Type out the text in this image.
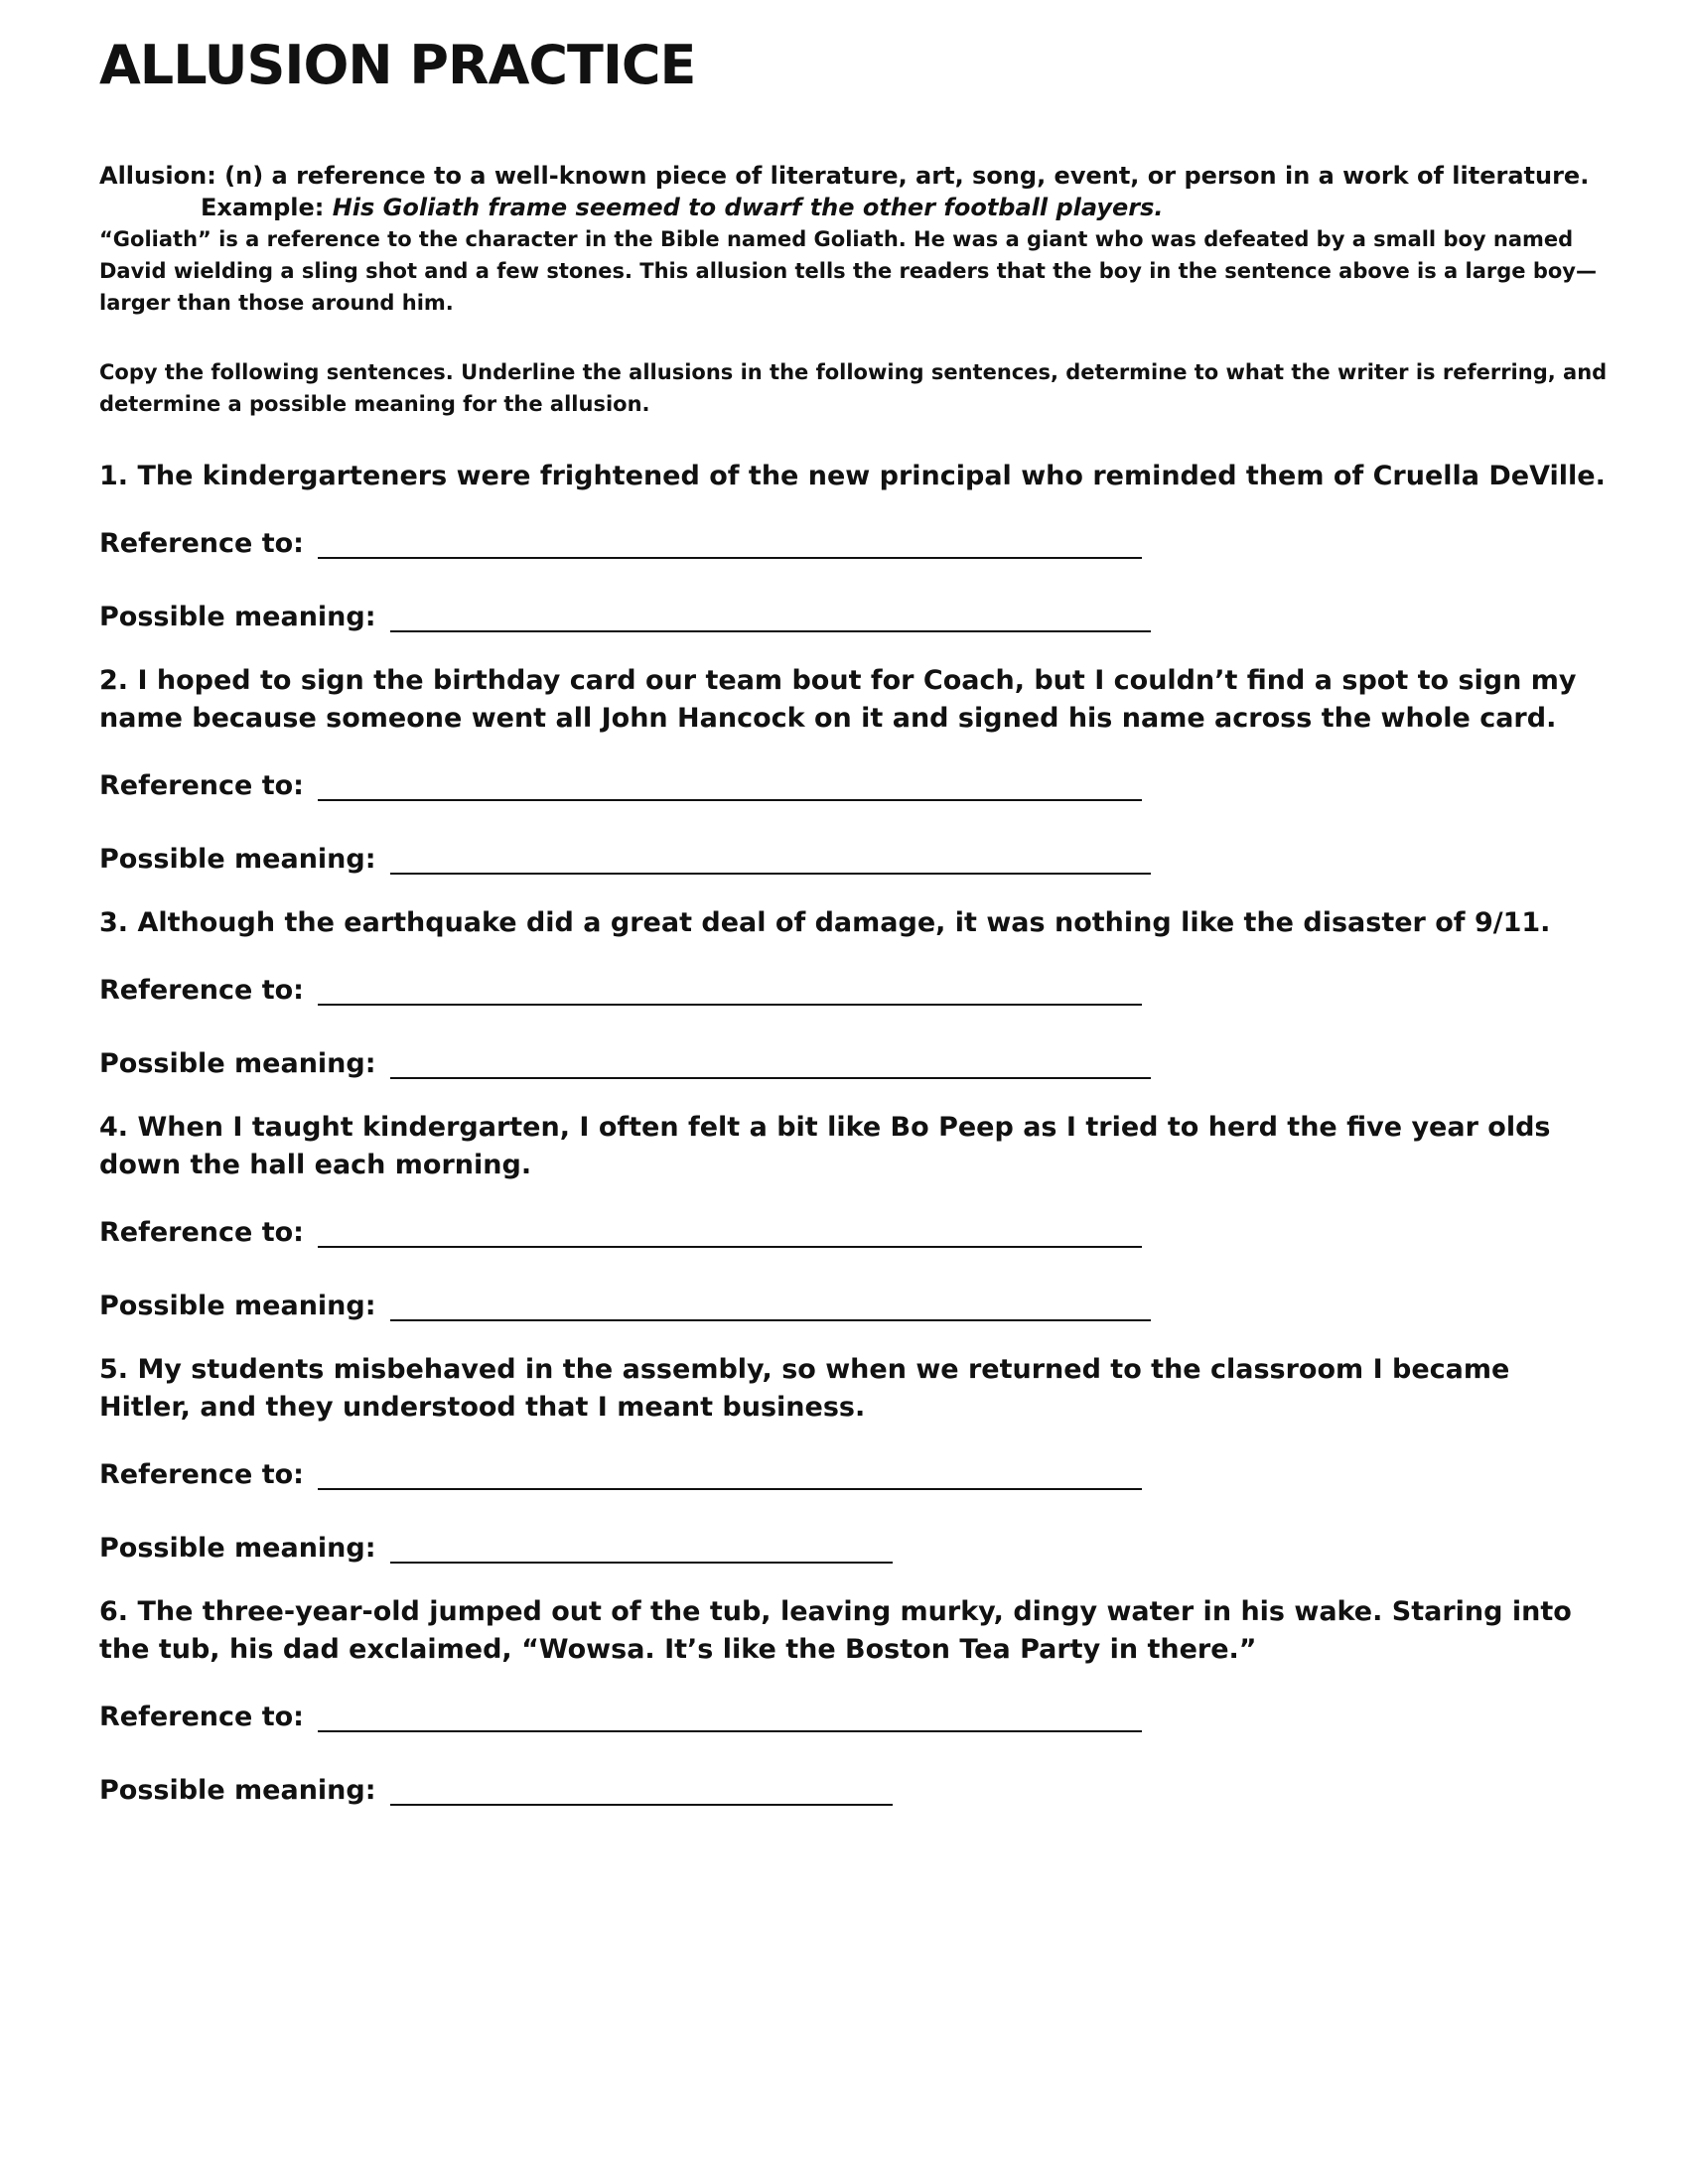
ALLUSION PRACTICE
Allusion: (n) a reference to a well-known piece of literature, art, song, event, or person in a work of literature.
Example: His Goliath frame seemed to dwarf the other football players.
“Goliath” is a reference to the character in the Bible named Goliath. He was a giant who was defeated by a small boy named David wielding a sling shot and a few stones. This allusion tells the readers that the boy in the sentence above is a large boy—larger than those around him.
Copy the following sentences. Underline the allusions in the following sentences, determine to what the writer is referring, and determine a possible meaning for the allusion.

1. The kindergarteners were frightened of the new principal who reminded them of Cruella DeVille.

Reference to:
Possible meaning:

2. I hoped to sign the birthday card our team bout for Coach, but I couldn’t find a spot to sign my name because someone went all John Hancock on it and signed his name across the whole card.

Reference to:
Possible meaning:

3. Although the earthquake did a great deal of damage, it was nothing like the disaster of 9/11.

Reference to:
Possible meaning:

4. When I taught kindergarten, I often felt a bit like Bo Peep as I tried to herd the five year olds down the hall each morning.

Reference to:
Possible meaning:

5. My students misbehaved in the assembly, so when we returned to the classroom I became Hitler, and they understood that I meant business.

Reference to:
Possible meaning:

6. The three-year-old jumped out of the tub, leaving murky, dingy water in his wake. Staring into the tub, his dad exclaimed, “Wowsa. It’s like the Boston Tea Party in there.”

Reference to:
Possible meaning:
